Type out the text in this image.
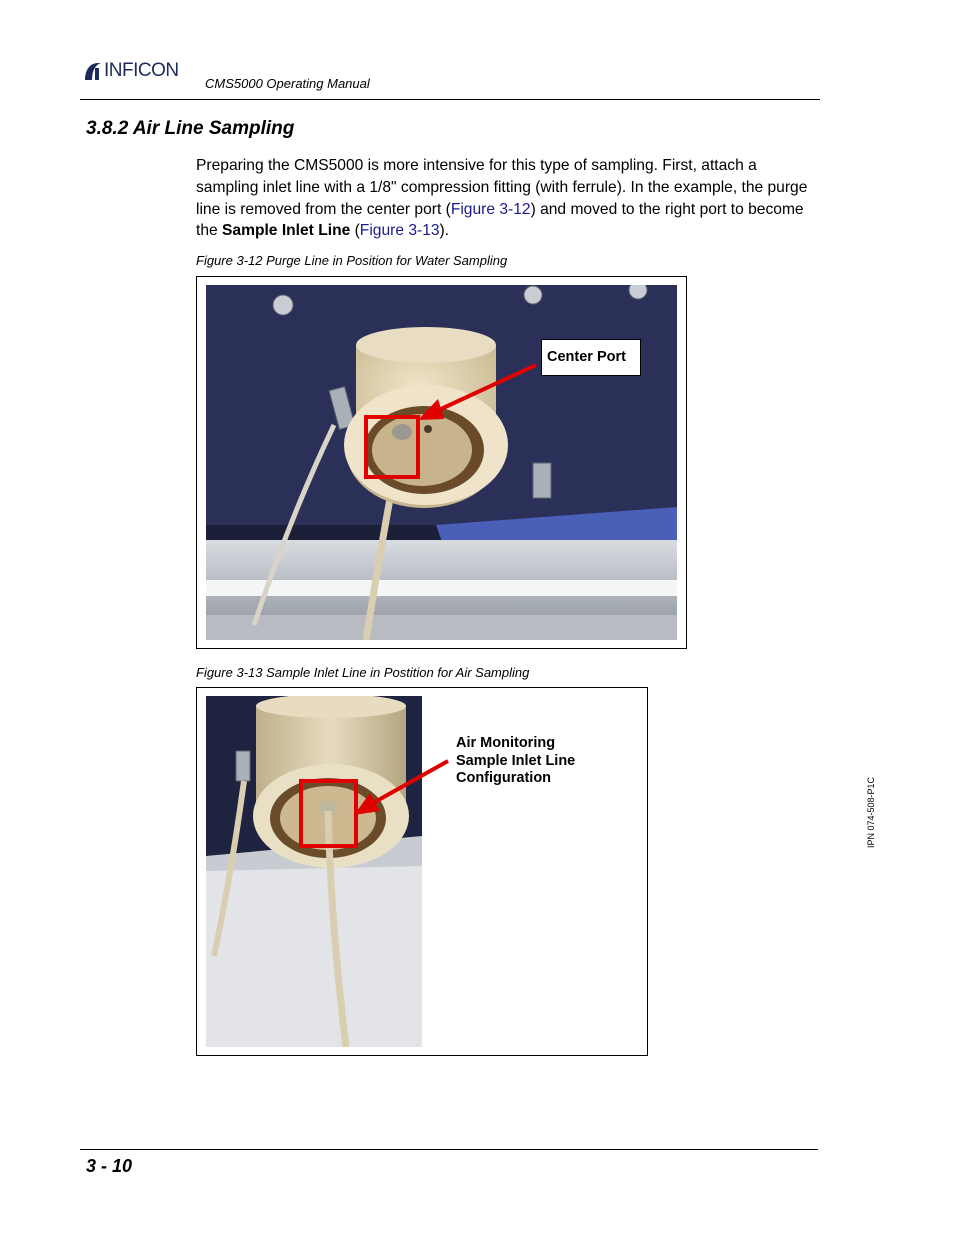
INFICON
CMS5000 Operating Manual
3.8.2 Air Line Sampling
Preparing the CMS5000 is more intensive for this type of sampling. First, attach a sampling inlet line with a 1/8" compression fitting (with ferrule). In the example, the purge line is removed from the center port (Figure 3-12) and moved to the right port to become the Sample Inlet Line (Figure 3-13).
Figure 3-12 Purge Line in Position for Water Sampling
Center Port
Figure 3-13 Sample Inlet Line in Postition for Air Sampling
Air Monitoring
Sample Inlet Line
Configuration	IPN 074-508-P1C
3 - 10
